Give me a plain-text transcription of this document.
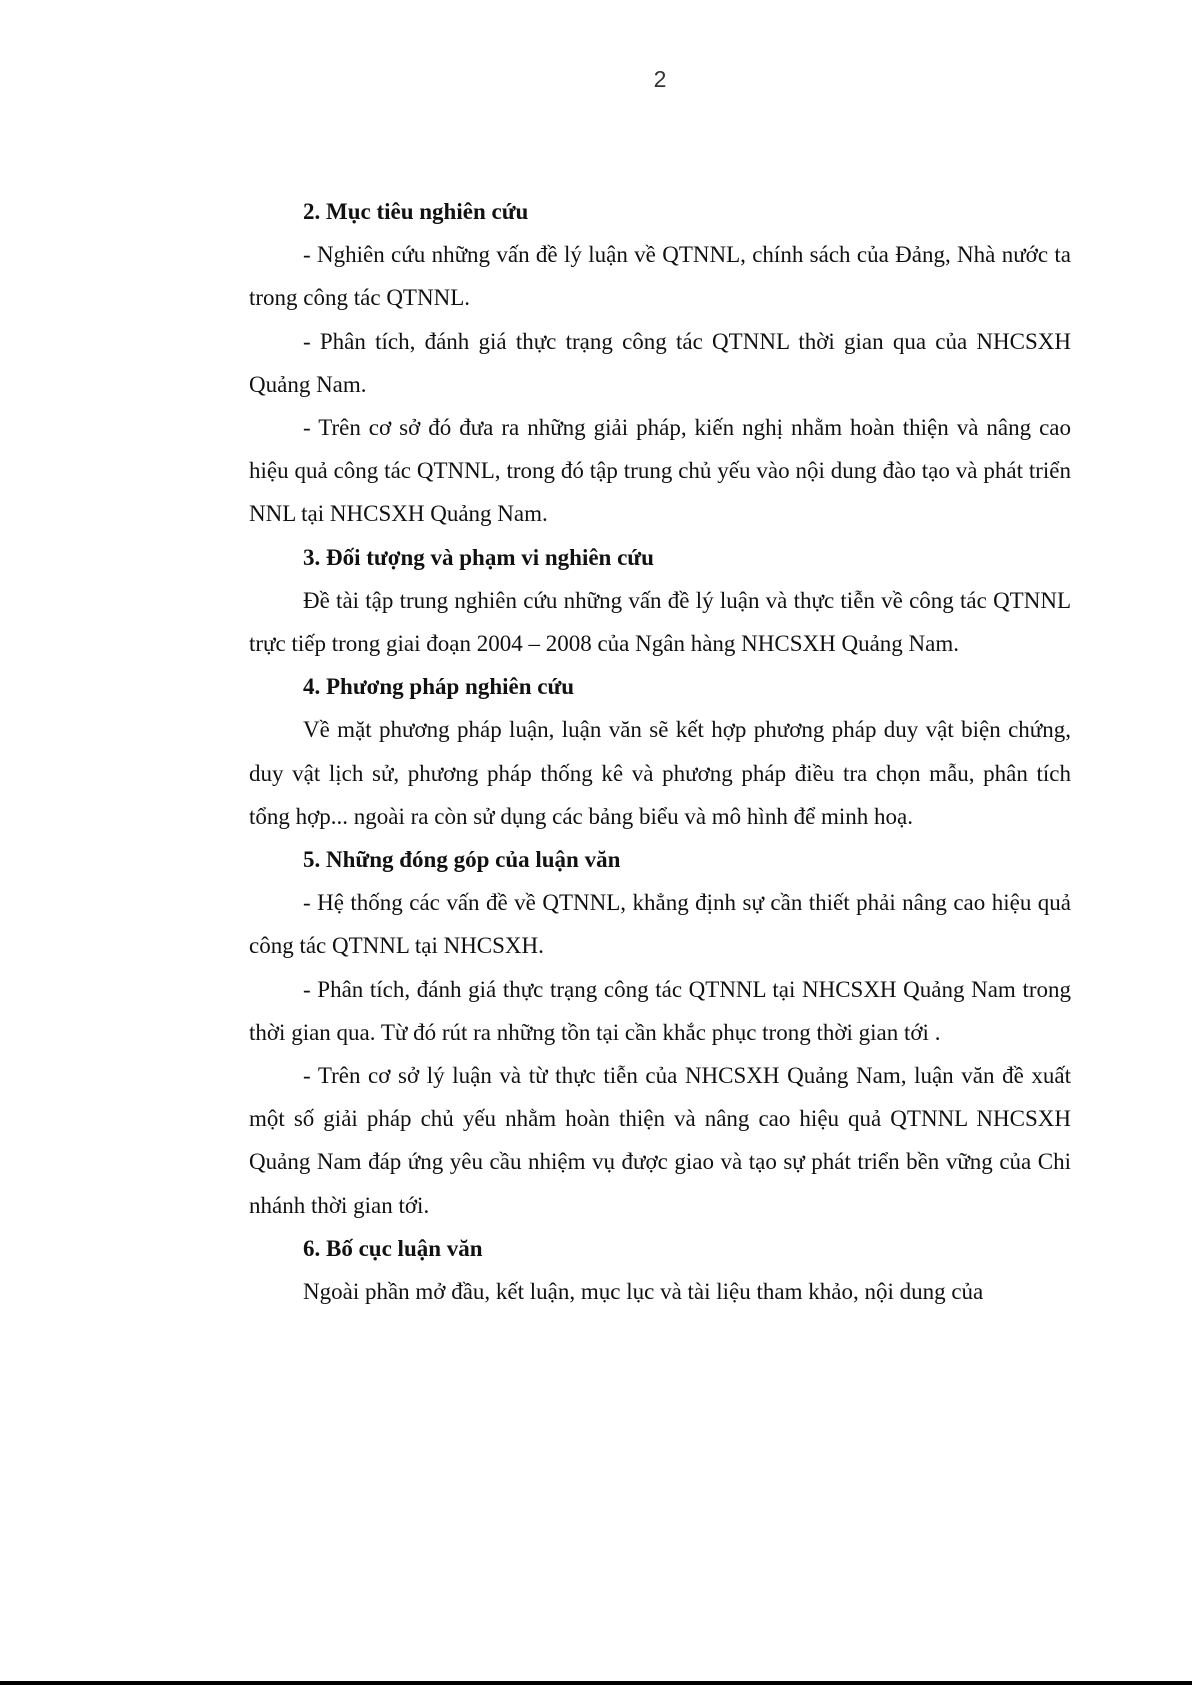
2

2. Mục tiêu nghiên cứu

- Nghiên cứu những vấn đề lý luận về QTNNL, chính sách của Đảng, Nhà nước ta trong công tác QTNNL.

- Phân tích, đánh giá thực trạng công tác QTNNL thời gian qua của NHCSXH Quảng Nam.

- Trên cơ sở đó đưa ra những giải pháp, kiến nghị nhằm hoàn thiện và nâng cao hiệu quả công tác QTNNL, trong đó tập trung chủ yếu vào nội dung đào tạo và phát triển NNL tại NHCSXH Quảng Nam.

3. Đối tượng và phạm vi nghiên cứu

Đề tài tập trung nghiên cứu những vấn đề lý luận và thực tiễn về công tác QTNNL trực tiếp trong giai đoạn 2004 – 2008 của Ngân hàng NHCSXH Quảng Nam.

4. Phương pháp nghiên cứu

Về mặt phương pháp luận, luận văn sẽ kết hợp phương pháp duy vật biện chứng, duy vật lịch sử, phương pháp thống kê và phương pháp điều tra chọn mẫu, phân tích tổng hợp... ngoài ra còn sử dụng các bảng biểu và mô hình để minh hoạ.

5. Những đóng góp của luận văn

- Hệ thống các vấn đề về QTNNL, khẳng định sự cần thiết phải nâng cao hiệu quả công tác QTNNL tại NHCSXH.

- Phân tích, đánh giá thực trạng công tác QTNNL tại NHCSXH Quảng Nam trong thời gian qua. Từ đó rút ra những tồn tại cần khắc phục trong thời gian tới .

- Trên cơ sở lý luận và từ thực tiễn của NHCSXH Quảng Nam, luận văn đề xuất một số giải pháp chủ yếu nhằm hoàn thiện và nâng cao hiệu quả QTNNL NHCSXH Quảng Nam đáp ứng yêu cầu nhiệm vụ được giao và tạo sự phát triển bền vững của Chi nhánh thời gian tới.

6. Bố cục luận văn

Ngoài phần mở đầu, kết luận, mục lục và tài liệu tham khảo, nội dung của
